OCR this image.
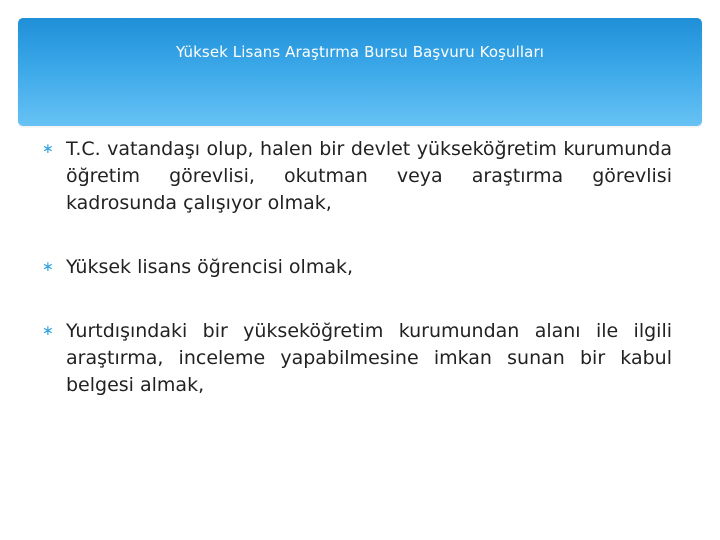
Yüksek Lisans Araştırma Bursu Başvuru Koşulları
∗ T.C. vatandaşı olup, halen bir devlet yükseköğretim kurumunda öğretim görevlisi, okutman veya araştırma görevlisi kadrosunda çalışıyor olmak,
∗ Yüksek lisans öğrencisi olmak,
∗ Yurtdışındaki bir yükseköğretim kurumundan alanı ile ilgili araştırma, inceleme yapabilmesine imkan sunan bir kabul belgesi almak,
